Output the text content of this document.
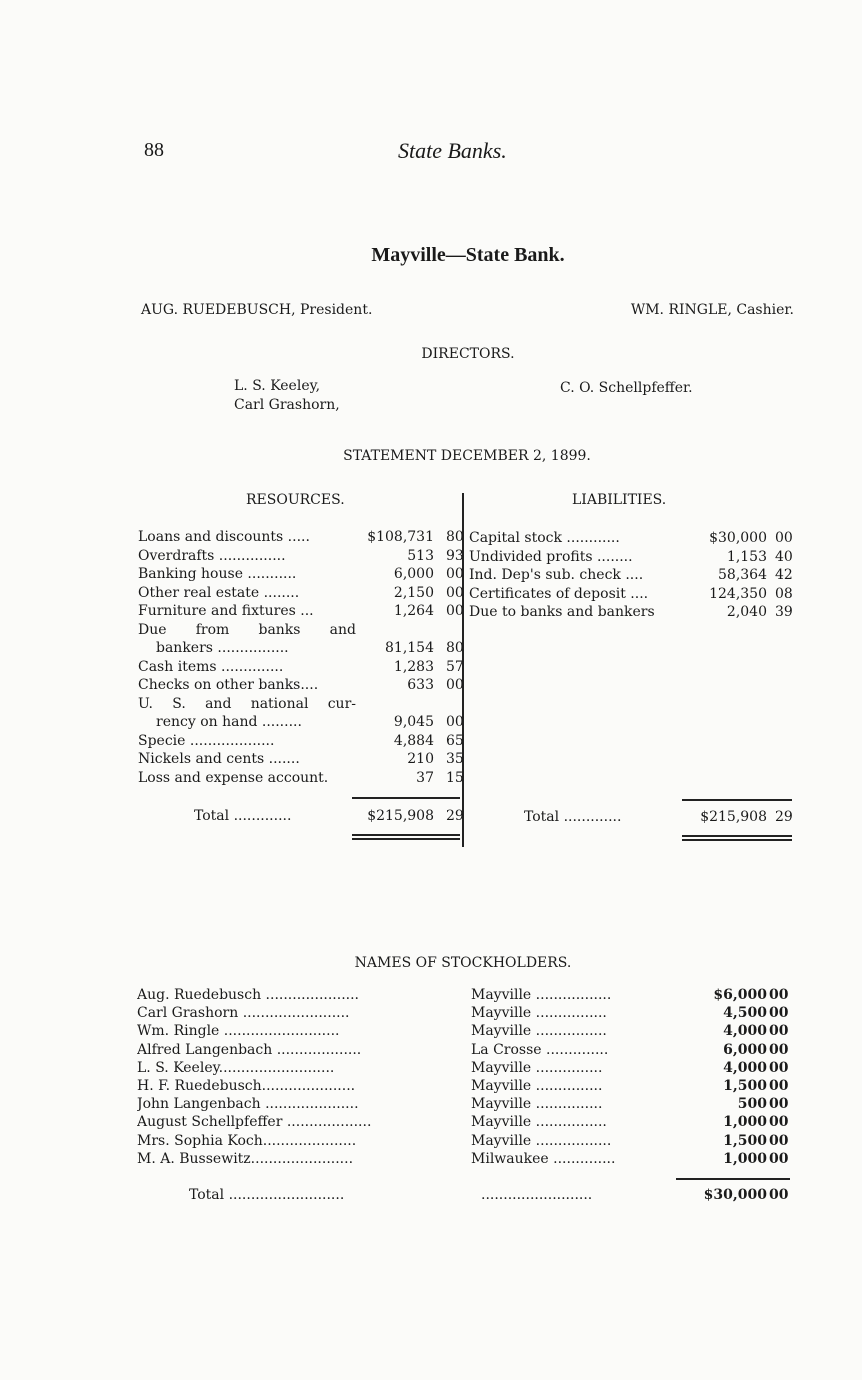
88	State Banks.
Mayville—State Bank.
AUG. RUEDEBUSCH, President.	WM. RINGLE, Cashier.
DIRECTORS.
L. S. Keeley,
Carl Grashorn,
C. O. Schellpfeffer.
STATEMENT DECEMBER 2, 1899.
RESOURCES.	LIABILITIES.
Loans and discounts .....	$108,731 80
Overdrafts ...............	513 93
Banking house ...........	6,000 00
Other real estate ........	2,150 00
Furniture and fixtures ...	1,264 00
Due from banks and
bankers ................	81,154 80
Cash items ..............	1,283 57
Checks on other banks....	633 00
U. S. and national cur-
rency on hand .........	9,045 00
Specie ...................	4,884 65
Nickels and cents .......	210 35
Loss and expense account.	37 15
Total .............	$215,908 29
Capital stock ............	$30,000 00
Undivided profits ........	1,153 40
Ind. Dep's sub. check ....	58,364 42
Certificates of deposit ....	124,350 08
Due to banks and bankers	2,040 39
Total .............	$215,908 29
NAMES OF STOCKHOLDERS.
Aug. Ruedebusch .....................	Mayville .................	$6,000 00
Carl Grashorn ........................	Mayville ................	4,500 00
Wm. Ringle ..........................	Mayville ................	4,000 00
Alfred Langenbach ...................	La Crosse ..............	6,000 00
L. S. Keeley..........................	Mayville ...............	4,000 00
H. F. Ruedebusch.....................	Mayville ...............	1,500 00
John Langenbach .....................	Mayville ...............	500 00
August Schellpfeffer ...................	Mayville ................	1,000 00
Mrs. Sophia Koch.....................	Mayville .................	1,500 00
M. A. Bussewitz.......................	Milwaukee ..............	1,000 00
Total ..........................	.........................	$30,000 00
